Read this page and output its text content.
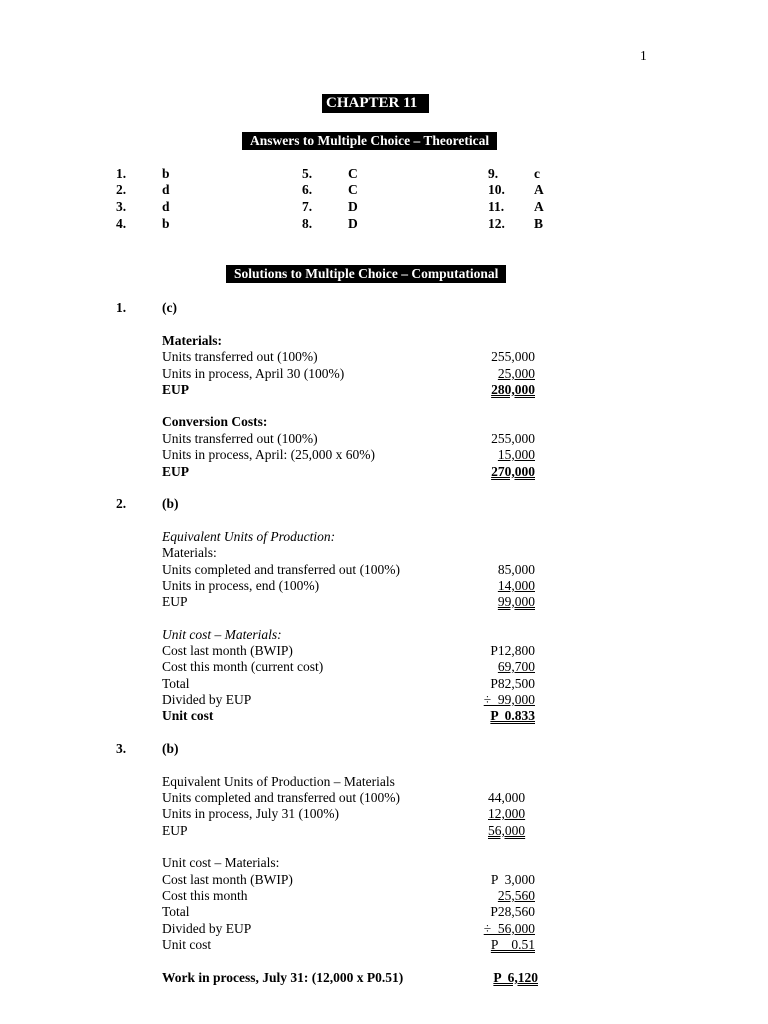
1
CHAPTER 11
Answers to Multiple Choice – Theoretical
1.	b
2.	d
3.	d
4.	b
5.	C
6.	C
7.	D
8.	D
9.	c
10. A
11. A
12. B
Solutions to Multiple Choice – Computational
1.	(c)
Materials:
Units transferred out (100%)	255,000
Units in process, April 30 (100%)	25,000
EUP	280,000
Conversion Costs:
Units transferred out (100%)	255,000
Units in process, April: (25,000 x 60%)	15,000
EUP	270,000
2.	(b)
Equivalent Units of Production:
Materials:
Units completed and transferred out (100%)	85,000
Units in process, end (100%)	14,000
EUP	99,000
Unit cost – Materials:
Cost last month (BWIP)	P12,800
Cost this month (current cost)	69,700
Total	P82,500
Divided by EUP	÷  99,000
Unit cost	P  0.833
3.	(b)
Equivalent Units of Production – Materials
Units completed and transferred out (100%)	44,000
Units in process, July 31 (100%)	12,000
EUP	56,000
Unit cost – Materials:
Cost last month (BWIP)	P  3,000
Cost this month	25,560
Total	P28,560
Divided by EUP	÷  56,000
Unit cost	P    0.51
Work in process, July 31: (12,000 x P0.51)	P  6,120
